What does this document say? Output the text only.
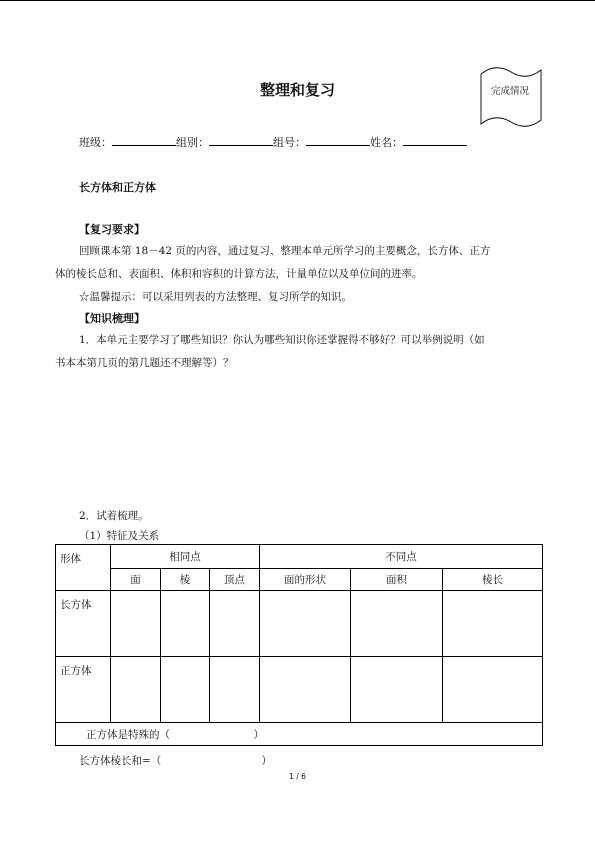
整理和复习	完成情况
班级：	组别：	组号：	姓名：
长方体和正方体
【复习要求】
回顾课本第 18－42 页的内容，通过复习、整理本单元所学习的主要概念，长方体、正方
体的棱长总和、表面积、体积和容积的计算方法，计量单位以及单位间的进率。
☆温馨提示：可以采用列表的方法整理、复习所学的知识。
【知识梳理】
1．本单元主要学习了哪些知识？你认为哪些知识你还掌握得不够好？可以举例说明（如
书本本第几页的第几题还不理解等）？
2．试着梳理。
（1）特征及关系
形体	相同点			不同点		
	面	棱	顶点	面的形状	面积	棱长
长方体						
正方体						
正方体是特殊的（                         ）						
长方体棱长和=（                              ）
1 / 6
